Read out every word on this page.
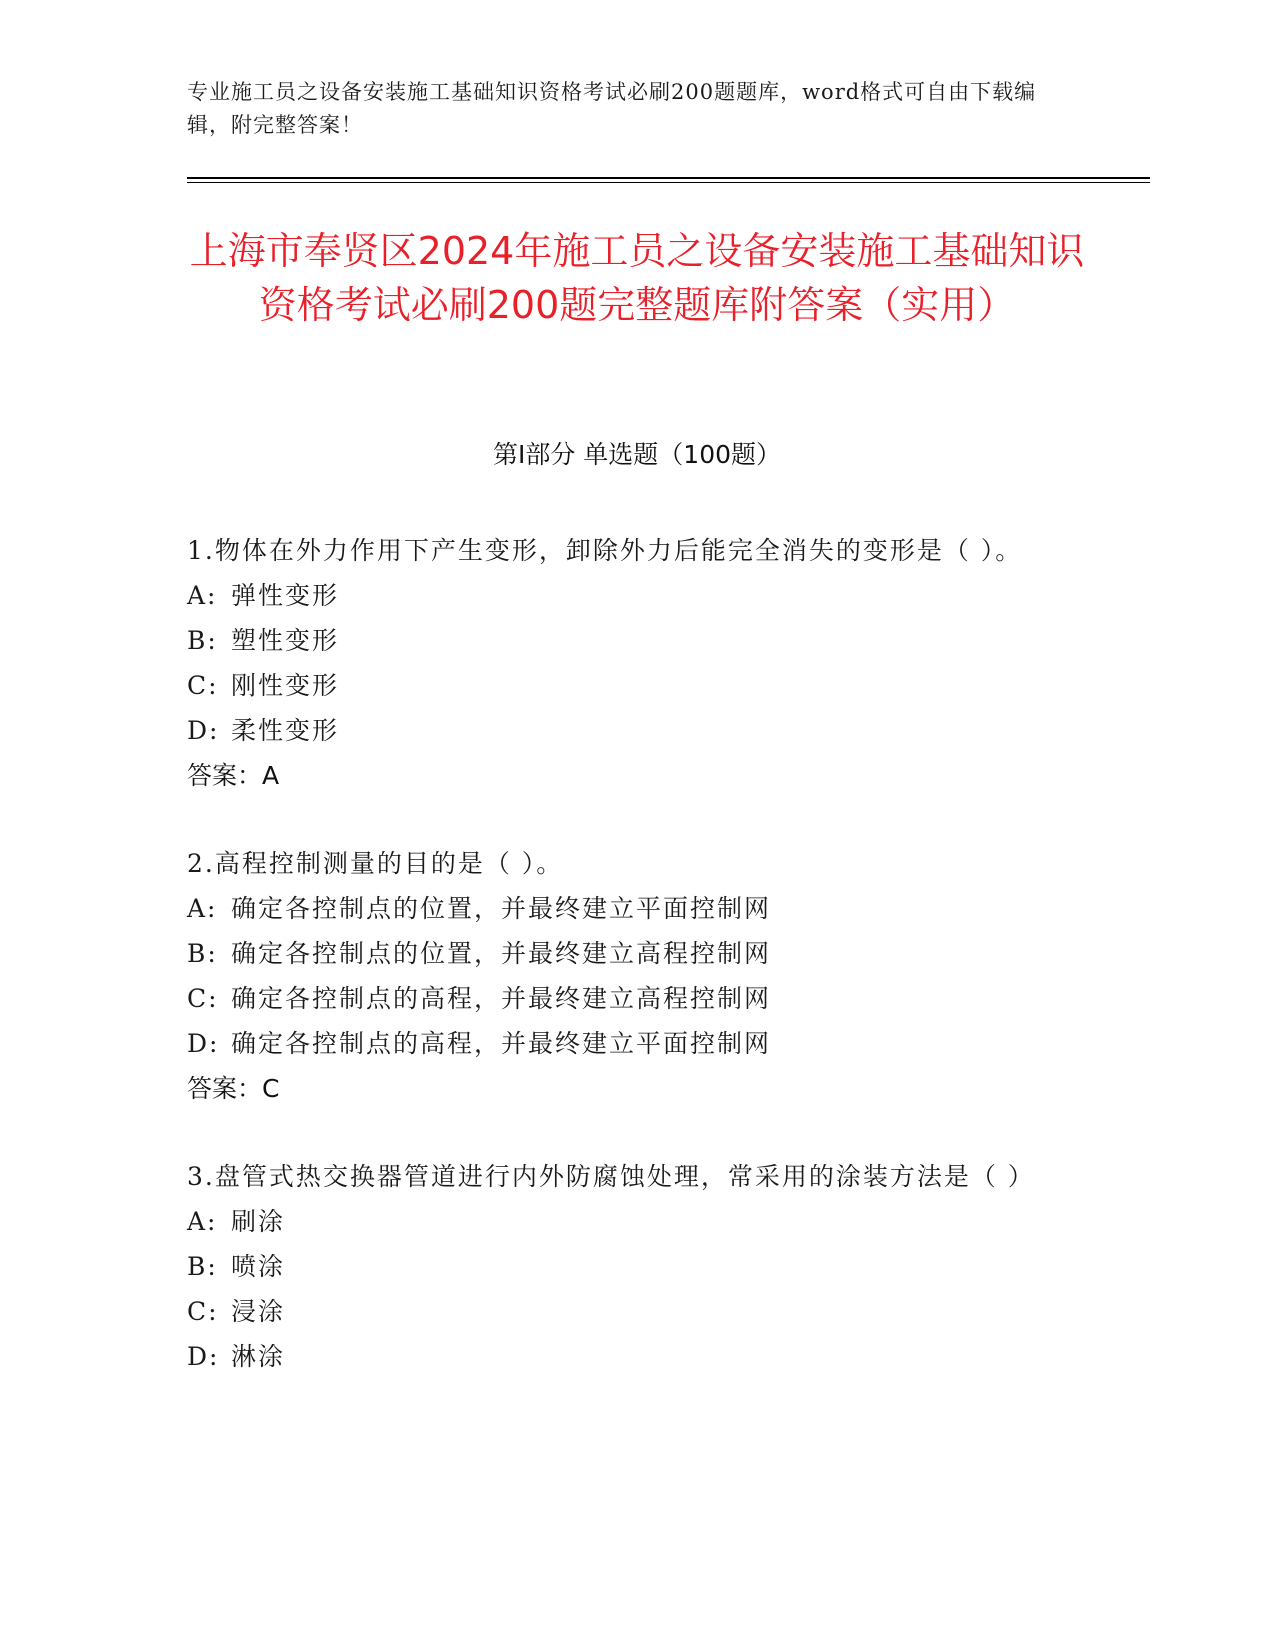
专业施工员之设备安装施工基础知识资格考试必刷200题题库，word格式可自由下载编辑，附完整答案！
上海市奉贤区2024年施工员之设备安装施工基础知识资格考试必刷200题完整题库附答案（实用）
第I部分 单选题（100题）
1.物体在外力作用下产生变形，卸除外力后能完全消失的变形是（ ）。
A: 弹性变形
B: 塑性变形
C: 刚性变形
D: 柔性变形
答案：A
2.高程控制测量的目的是（ ）。
A: 确定各控制点的位置，并最终建立平面控制网
B: 确定各控制点的位置，并最终建立高程控制网
C: 确定各控制点的高程，并最终建立高程控制网
D: 确定各控制点的高程，并最终建立平面控制网
答案：C
3.盘管式热交换器管道进行内外防腐蚀处理，常采用的涂装方法是（ ）
A: 刷涂
B: 喷涂
C: 浸涂
D: 淋涂
